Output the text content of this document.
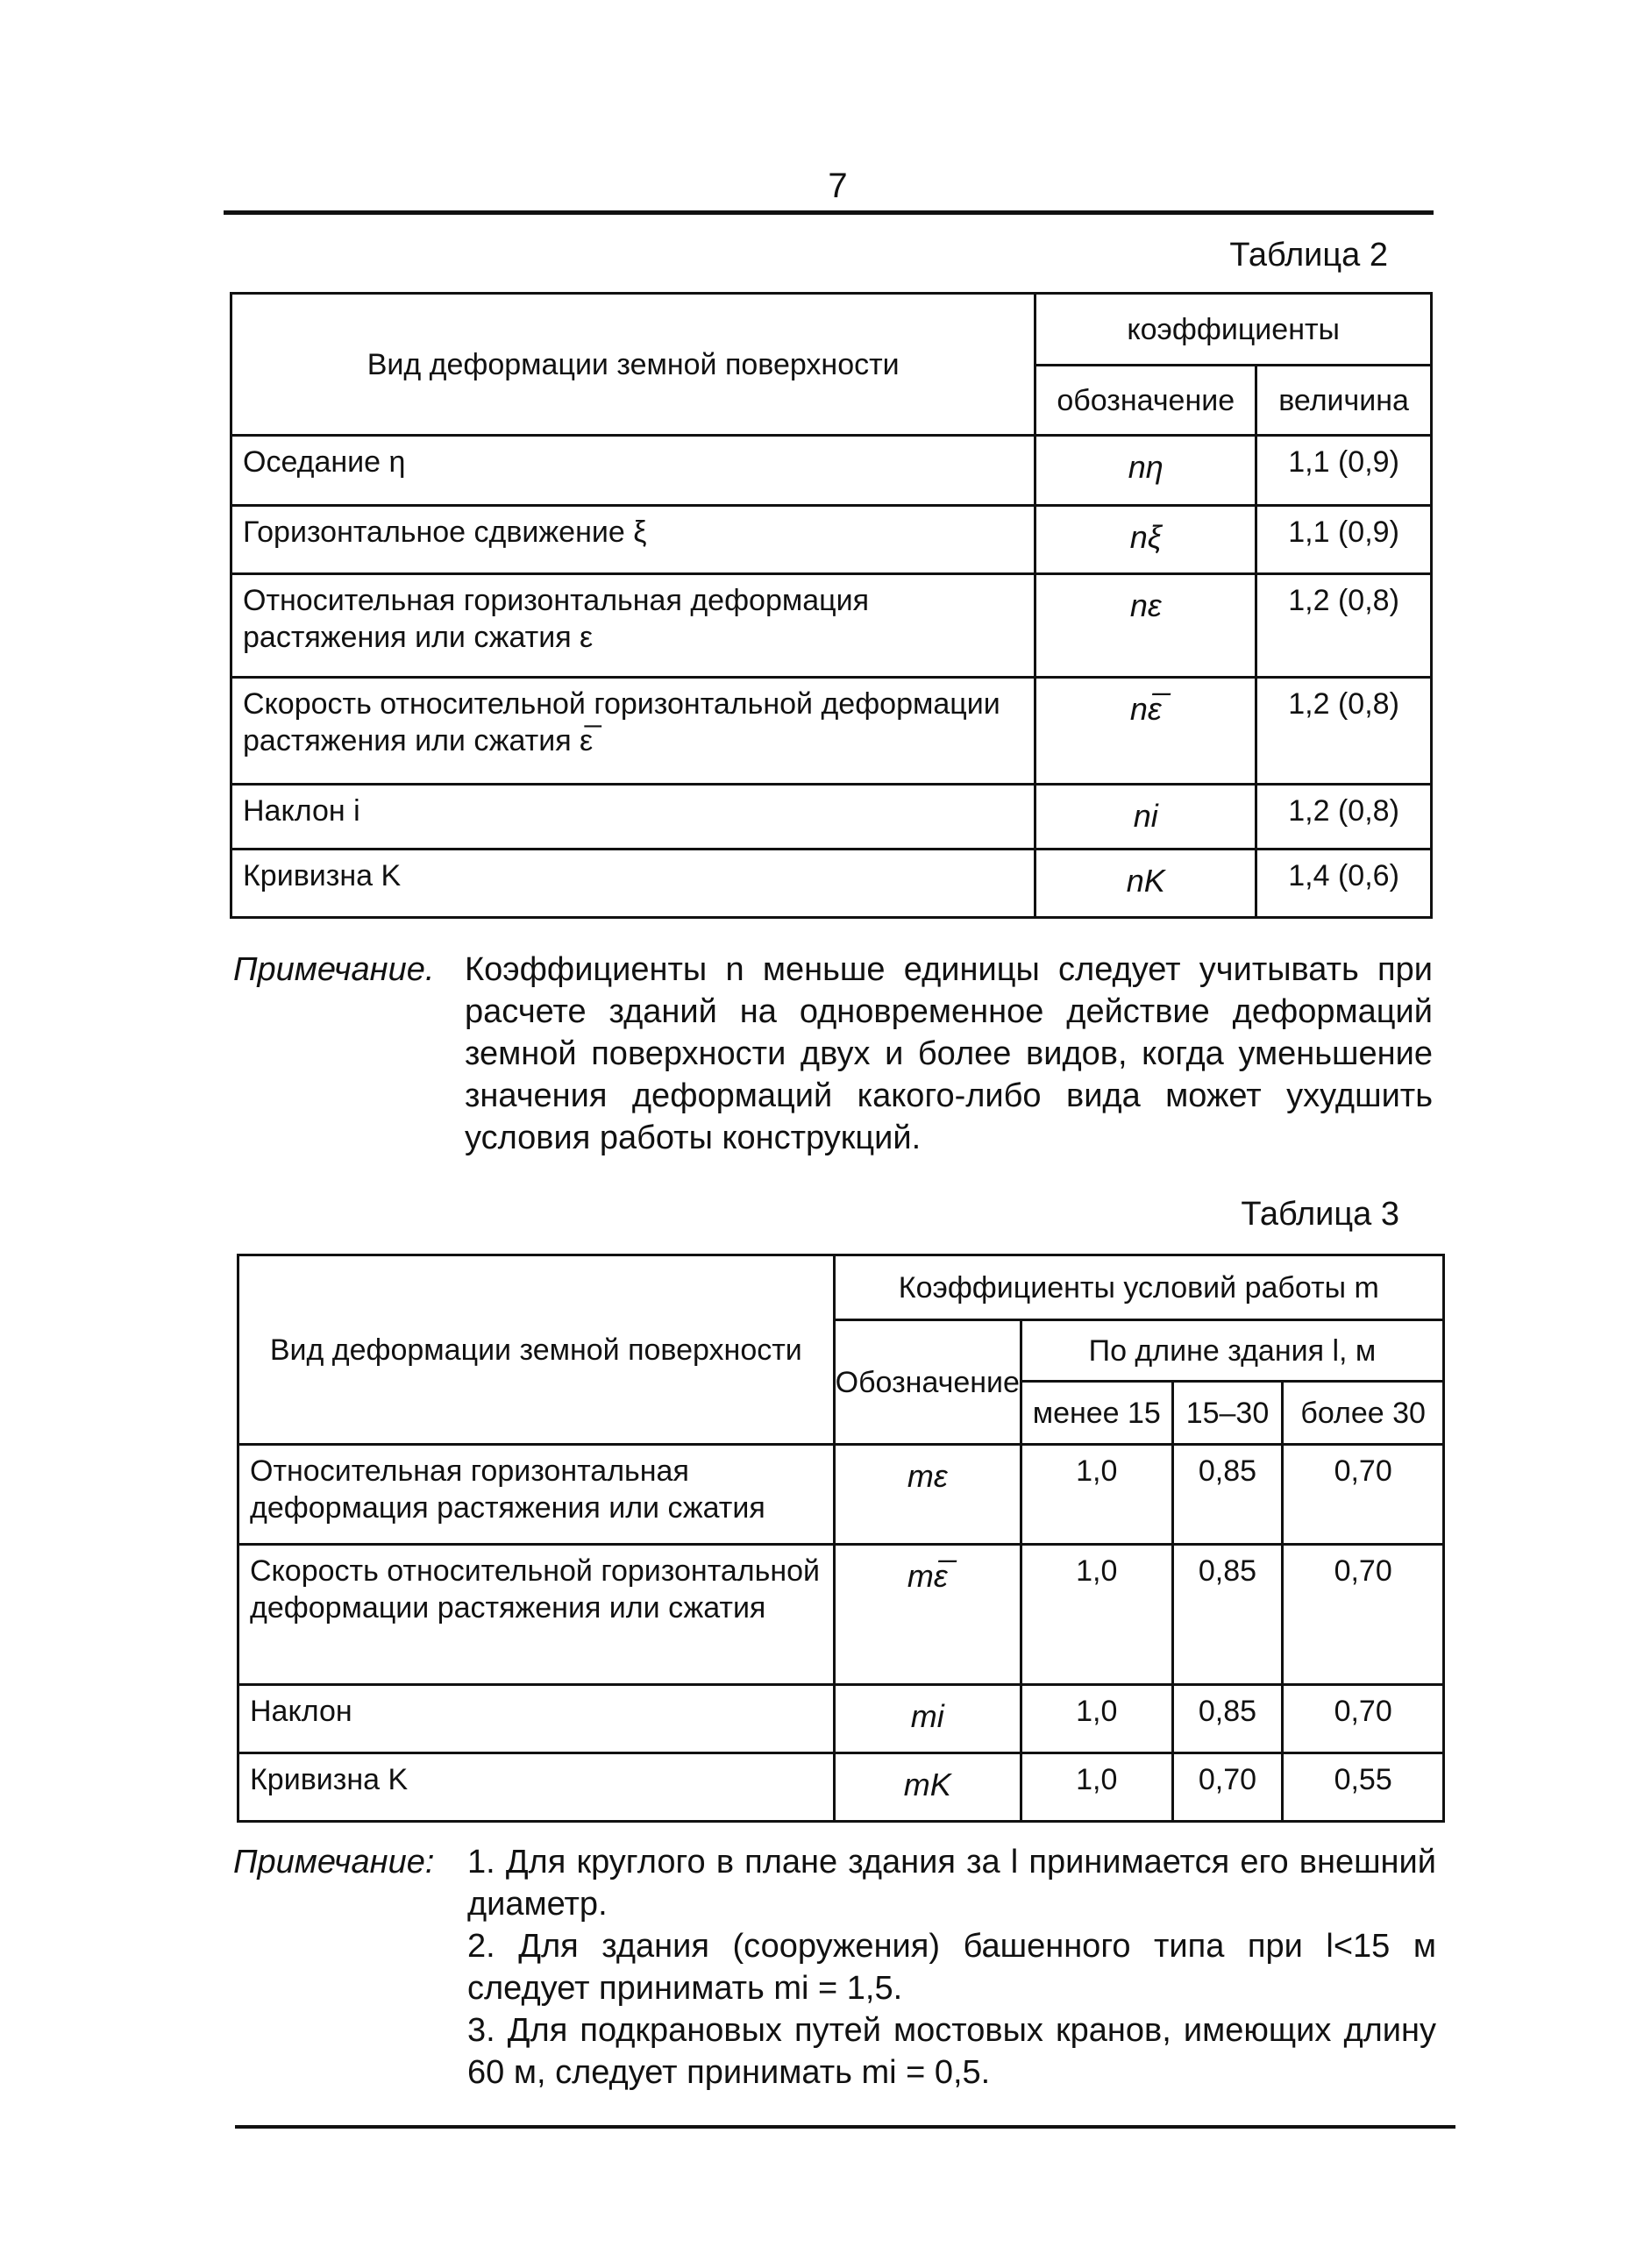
7
Таблица 2
Вид деформации земной поверхности	коэффициенты	
	обозначение	величина
Оседание η	nη	1,1 (0,9)
Горизонтальное сдвижение ξ	nξ	1,1 (0,9)
Относительная горизонтальная деформация растяжения или сжатия ε	nε	1,2 (0,8)
Скорость относительной горизонтальной деформации растяжения или сжатия ε̅	nε̅	1,2 (0,8)
Наклон i	ni	1,2 (0,8)
Кривизна K	nK	1,4 (0,6)
Примечание. Коэффициенты n меньше единицы следует учитывать при расчете зданий на одновременное действие деформаций земной поверхности двух и более видов, когда уменьшение значения деформаций какого-либо вида может ухудшить условия работы конструкций.
Таблица 3
Вид деформации земной поверхности	Коэффициенты условий работы m			
	Обозначение	По длине здания l, м		
		менее 15	15–30	более 30
Относительная горизонтальная деформация растяжения или сжатия	mε	1,0	0,85	0,70
Скорость относительной горизонтальной деформации растяжения или сжатия	mε̅	1,0	0,85	0,70
Наклон	mi	1,0	0,85	0,70
Кривизна K	mK	1,0	0,70	0,55
Примечание: 1. Для круглого в плане здания за l принимается его внешний диаметр.
2. Для здания (сооружения) башенного типа при l<15 м следует принимать mi = 1,5.
3. Для подкрановых путей мостовых кранов, имеющих длину 60 м, следует принимать mi = 0,5.
